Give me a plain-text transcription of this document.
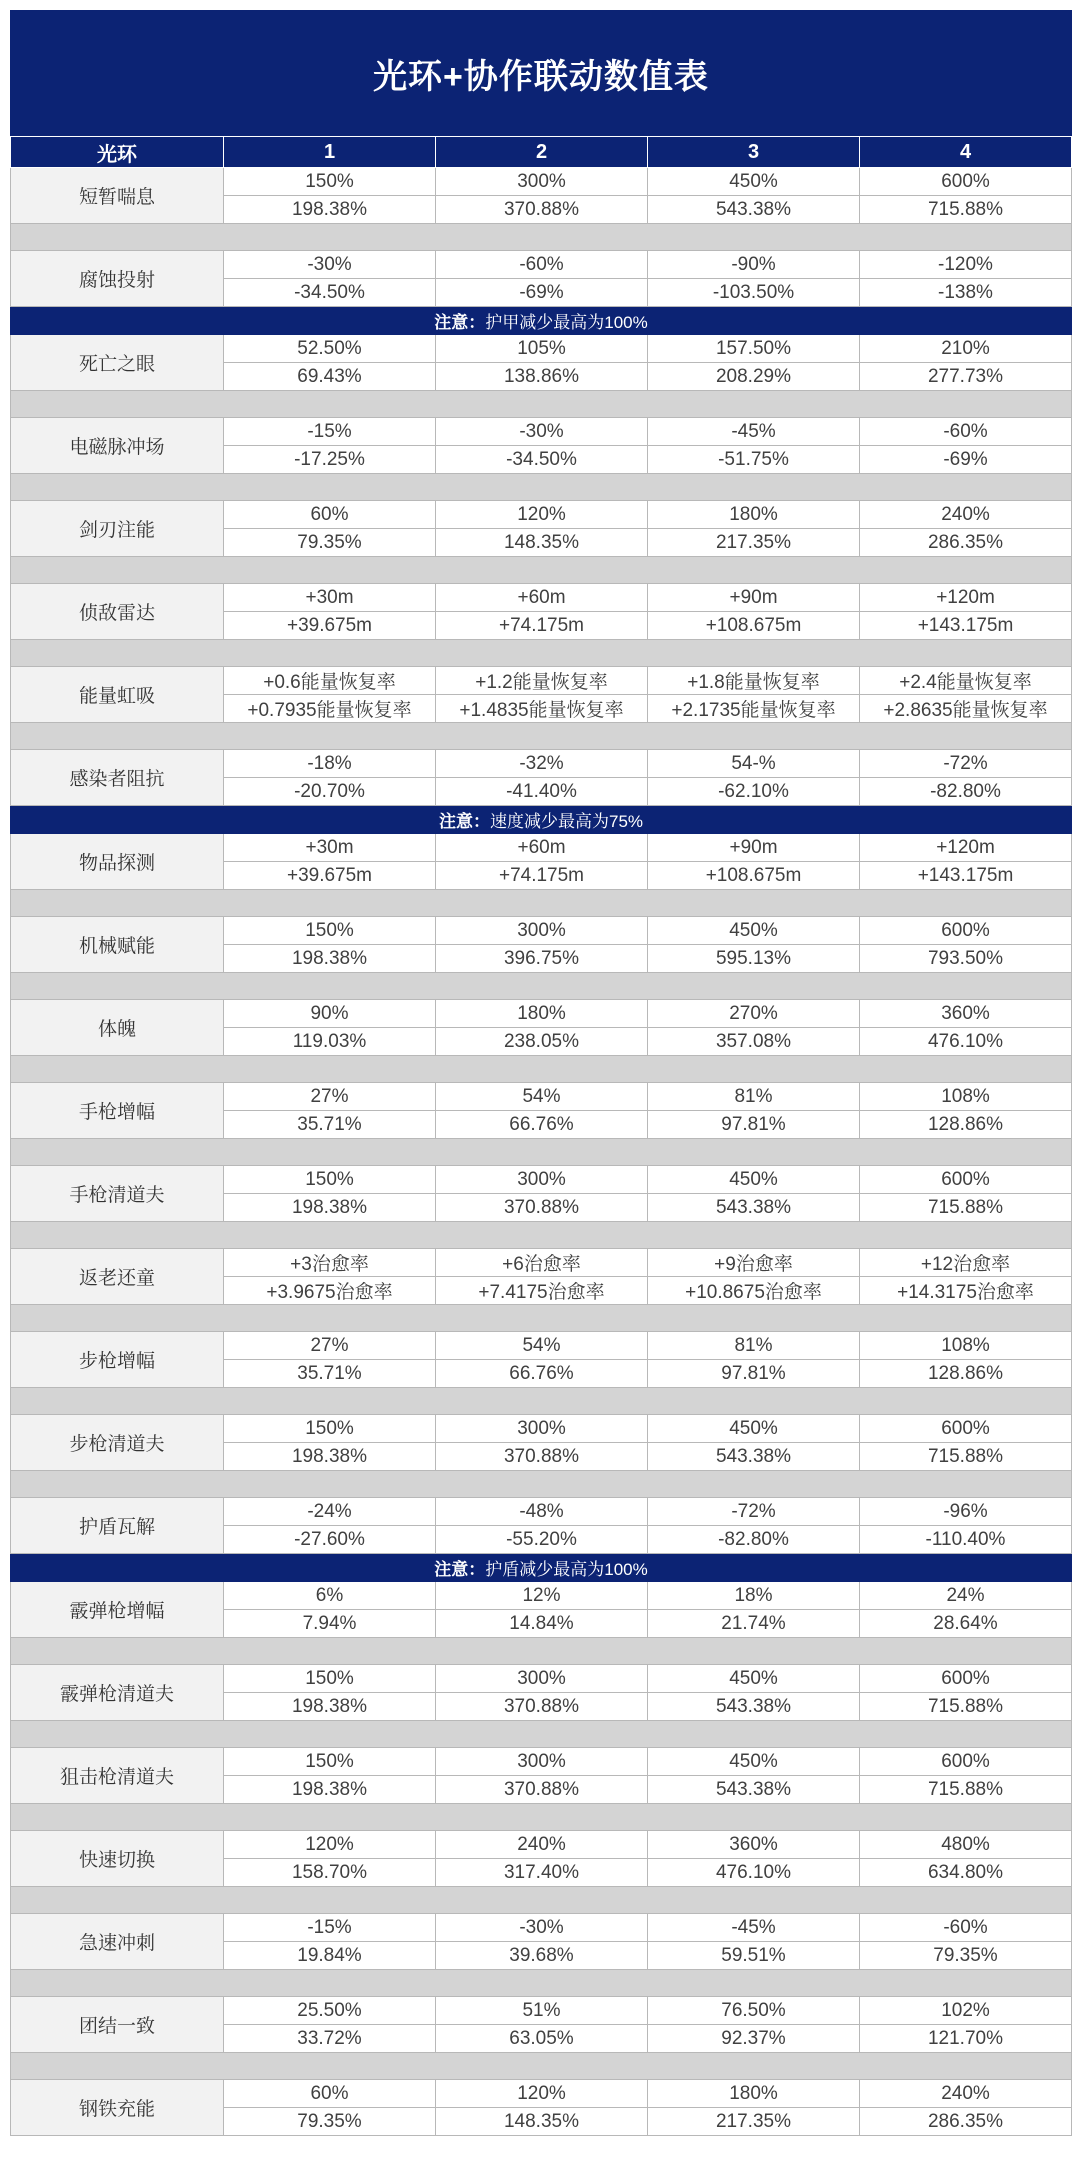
光环+协作联动数值表
光环	1	2	3	4
短暂喘息	150%	300%	450%	600%
	198.38%	370.88%	543.38%	715.88%

腐蚀投射	-30%	-60%	-90%	-120%
	-34.50%	-69%	-103.50%	-138%
注意：护甲减少最高为100%				
死亡之眼	52.50%	105%	157.50%	210%
	69.43%	138.86%	208.29%	277.73%

电磁脉冲场	-15%	-30%	-45%	-60%
	-17.25%	-34.50%	-51.75%	-69%

剑刃注能	60%	120%	180%	240%
	79.35%	148.35%	217.35%	286.35%

侦敌雷达	+30m	+60m	+90m	+120m
	+39.675m	+74.175m	+108.675m	+143.175m

能量虹吸	+0.6能量恢复率	+1.2能量恢复率	+1.8能量恢复率	+2.4能量恢复率
	+0.7935能量恢复率	+1.4835能量恢复率	+2.1735能量恢复率	+2.8635能量恢复率

感染者阻抗	-18%	-32%	54-%	-72%
	-20.70%	-41.40%	-62.10%	-82.80%
注意：速度减少最高为75%				
物品探测	+30m	+60m	+90m	+120m
	+39.675m	+74.175m	+108.675m	+143.175m

机械赋能	150%	300%	450%	600%
	198.38%	396.75%	595.13%	793.50%

体魄	90%	180%	270%	360%
	119.03%	238.05%	357.08%	476.10%

手枪增幅	27%	54%	81%	108%
	35.71%	66.76%	97.81%	128.86%

手枪清道夫	150%	300%	450%	600%
	198.38%	370.88%	543.38%	715.88%

返老还童	+3治愈率	+6治愈率	+9治愈率	+12治愈率
	+3.9675治愈率	+7.4175治愈率	+10.8675治愈率	+14.3175治愈率

步枪增幅	27%	54%	81%	108%
	35.71%	66.76%	97.81%	128.86%

步枪清道夫	150%	300%	450%	600%
	198.38%	370.88%	543.38%	715.88%

护盾瓦解	-24%	-48%	-72%	-96%
	-27.60%	-55.20%	-82.80%	-110.40%
注意：护盾减少最高为100%				
霰弹枪增幅	6%	12%	18%	24%
	7.94%	14.84%	21.74%	28.64%

霰弹枪清道夫	150%	300%	450%	600%
	198.38%	370.88%	543.38%	715.88%

狙击枪清道夫	150%	300%	450%	600%
	198.38%	370.88%	543.38%	715.88%

快速切换	120%	240%	360%	480%
	158.70%	317.40%	476.10%	634.80%

急速冲刺	-15%	-30%	-45%	-60%
	19.84%	39.68%	59.51%	79.35%

团结一致	25.50%	51%	76.50%	102%
	33.72%	63.05%	92.37%	121.70%

钢铁充能	60%	120%	180%	240%
	79.35%	148.35%	217.35%	286.35%
